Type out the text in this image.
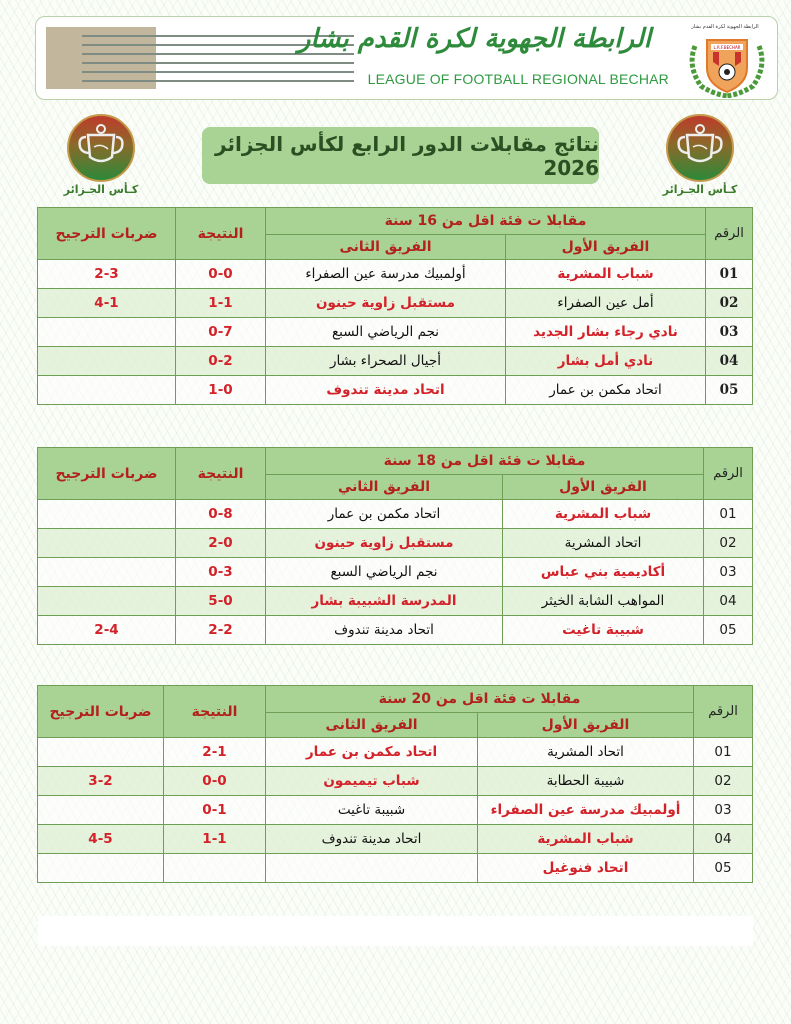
الرابطة الجهوية لكرة القدم بشار
LEAGUE OF FOOTBALL REGIONAL BECHAR
الرابطة الجهوية لكرة القدم بشار
L.R.F.BECHAR
كـأس الجـزائر	كـأس الجـزائر
نتائج مقابلات الدور الرابع لكأس الجزائر 2026
الرقم	مقابلا ت فئة اقل من 16 سنة		النتيجة	ضربات الترجيح
	الفريق الأول	الفريق الثانى		
01	شباب المشرية	أولمبيك مدرسة عين الصفراء	0-0	2-3
02	أمل عين الصفراء	مستقبل زاوية حينون	1-1	4-1
03	نادي رجاء بشار الجديد	نجم الرياضي السبع	0-7	
04	نادي أمل بشار	أجيال الصحراء بشار	0-2	
05	اتحاد مكمن بن عمار	اتحاد مدينة تندوف	1-0	
الرقم	مقابلا ت فئة اقل من 18 سنة		النتيجة	ضربات الترجيح
	الفريق الأول	الفريق الثاني		
01	شباب المشرية	اتحاد مكمن بن عمار	0-8	
02	اتحاد المشرية	مستقبل زاوية حينون	2-0	
03	أكاديمية بني عباس	نجم الرياضي السبع	0-3	
04	المواهب الشابة الخيثر	المدرسة الشبيبة بشار	5-0	
05	شبيبة تاغيت	اتحاد مدينة تندوف	2-2	2-4
الرقم	مقابلا ت فئة اقل من 20 سنة		النتيجة	ضربات الترجيح
	الفريق الأول	الفريق الثانى		
01	اتحاد المشرية	اتحاد مكمن بن عمار	2-1	
02	شبيبة الحطابة	شباب تيميمون	0-0	3-2
03	أولمبيك مدرسة عين الصفراء	شبيبة تاغيت	0-1	
04	شباب المشرية	اتحاد مدينة تندوف	1-1	4-5
05	اتحاد فنوغيل			
